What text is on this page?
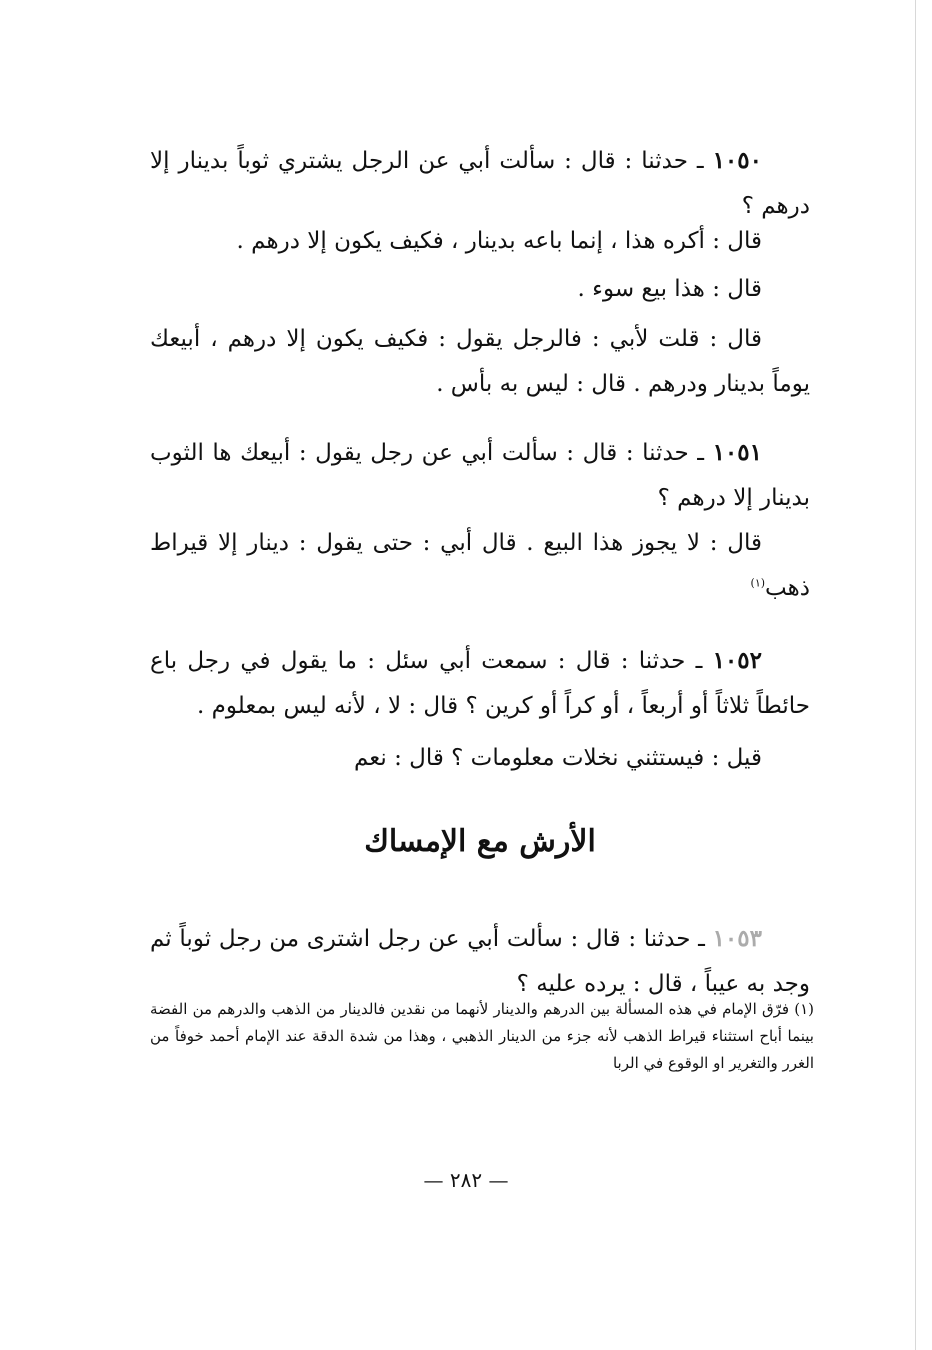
١٠٥٠ ـ حدثنا : قال : سألت أبي عن الرجل يشتري ثوباً بدينار إلا درهم ؟

قال : أكره هذا ، إنما باعه بدينار ، فكيف يكون إلا درهم .

قال : هذا بيع سوء .

قال : قلت لأبي : فالرجل يقول : فكيف يكون إلا درهم ، أبيعك يوماً بدينار ودرهم . قال : ليس به بأس .

١٠٥١ ـ حدثنا : قال : سألت أبي عن رجل يقول : أبيعك ها الثوب بدينار إلا درهم ؟

قال : لا يجوز هذا البيع . قال أبي : حتى يقول : دينار إلا قيراط ذهب$^{(١)}$

١٠٥٢ ـ حدثنا : قال : سمعت أبي سئل : ما يقول في رجل باع حائطاً ثلاثاً أو أربعاً ، أو كراً أو كرين ؟ قال : لا ، لأنه ليس بمعلوم .

قيل : فيستثني نخلات معلومات ؟ قال : نعم

الأرش مع الإمساك

١٠٥٣ ـ حدثنا : قال : سألت أبي عن رجل اشترى من رجل ثوباً ثم وجد به عيباً ، قال : يرده عليه ؟

(١) فرّق الإمام في هذه المسألة بين الدرهم والدينار لأنهما من نقدين فالدينار من الذهب والدرهم من الفضة بينما أباح استثناء قيراط الذهب لأنه جزء من الدينار الذهبي ، وهذا من شدة الدقة عند الإمام أحمد خوفاً من الغرر والتغرير او الوقوع في الربا

— ٢٨٢ —
